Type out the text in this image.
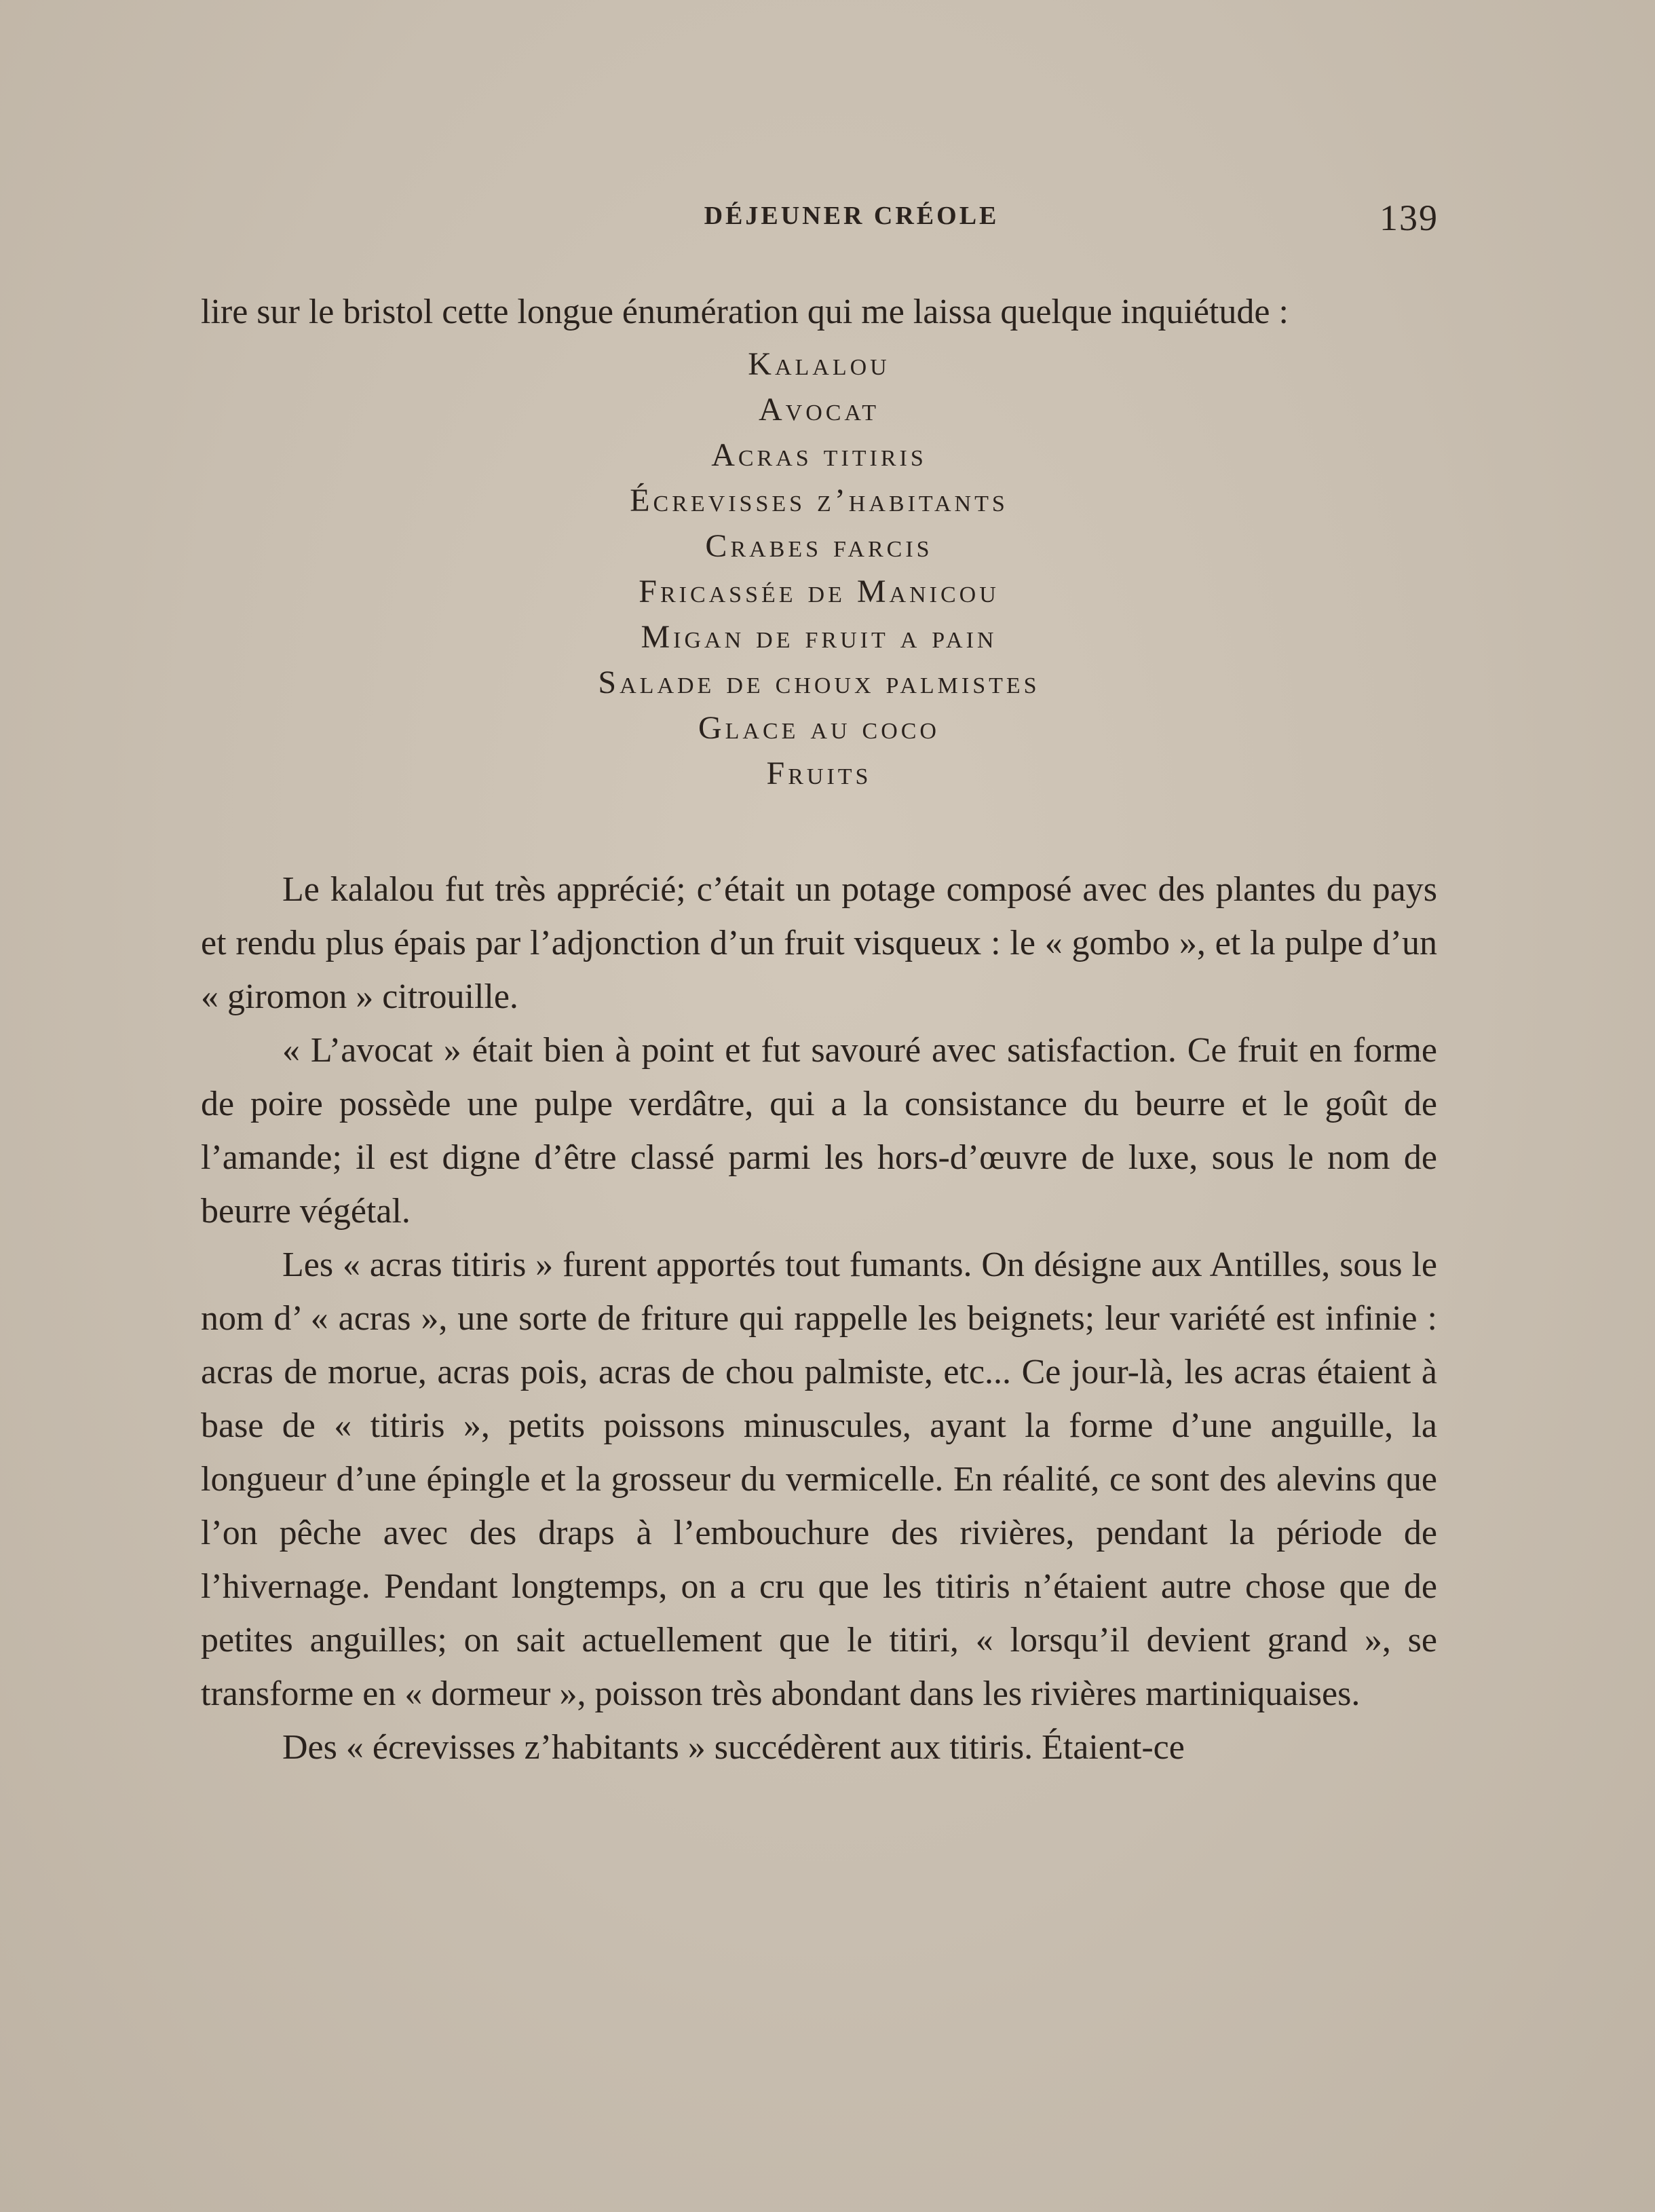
DÉJEUNER CRÉOLE	139

lire sur le bristol cette longue énumération qui me laissa quelque inquiétude :

Kalalou
Avocat
Acras titiris
Écrevisses z’habitants
Crabes farcis
Fricassée de Manicou
Migan de fruit a pain
Salade de choux palmistes
Glace au coco
Fruits

Le kalalou fut très apprécié; c’était un potage composé avec des plantes du pays et rendu plus épais par l’adjonction d’un fruit visqueux : le « gombo », et la pulpe d’un « giromon » citrouille.

« L’avocat » était bien à point et fut savouré avec satisfaction. Ce fruit en forme de poire possède une pulpe verdâtre, qui a la consistance du beurre et le goût de l’amande; il est digne d’être classé parmi les hors-d’œuvre de luxe, sous le nom de beurre végétal.

Les « acras titiris » furent apportés tout fumants. On désigne aux Antilles, sous le nom d’ « acras », une sorte de friture qui rappelle les beignets; leur variété est infinie : acras de morue, acras pois, acras de chou palmiste, etc... Ce jour-là, les acras étaient à base de « titiris », petits poissons minuscules, ayant la forme d’une anguille, la longueur d’une épingle et la grosseur du vermicelle. En réalité, ce sont des alevins que l’on pêche avec des draps à l’embouchure des rivières, pendant la période de l’hivernage. Pendant longtemps, on a cru que les titiris n’étaient autre chose que de petites anguilles; on sait actuellement que le titiri, « lorsqu’il devient grand », se transforme en « dormeur », poisson très abondant dans les rivières martiniquaises.

Des « écrevisses z’habitants » succédèrent aux titiris. Étaient-ce
